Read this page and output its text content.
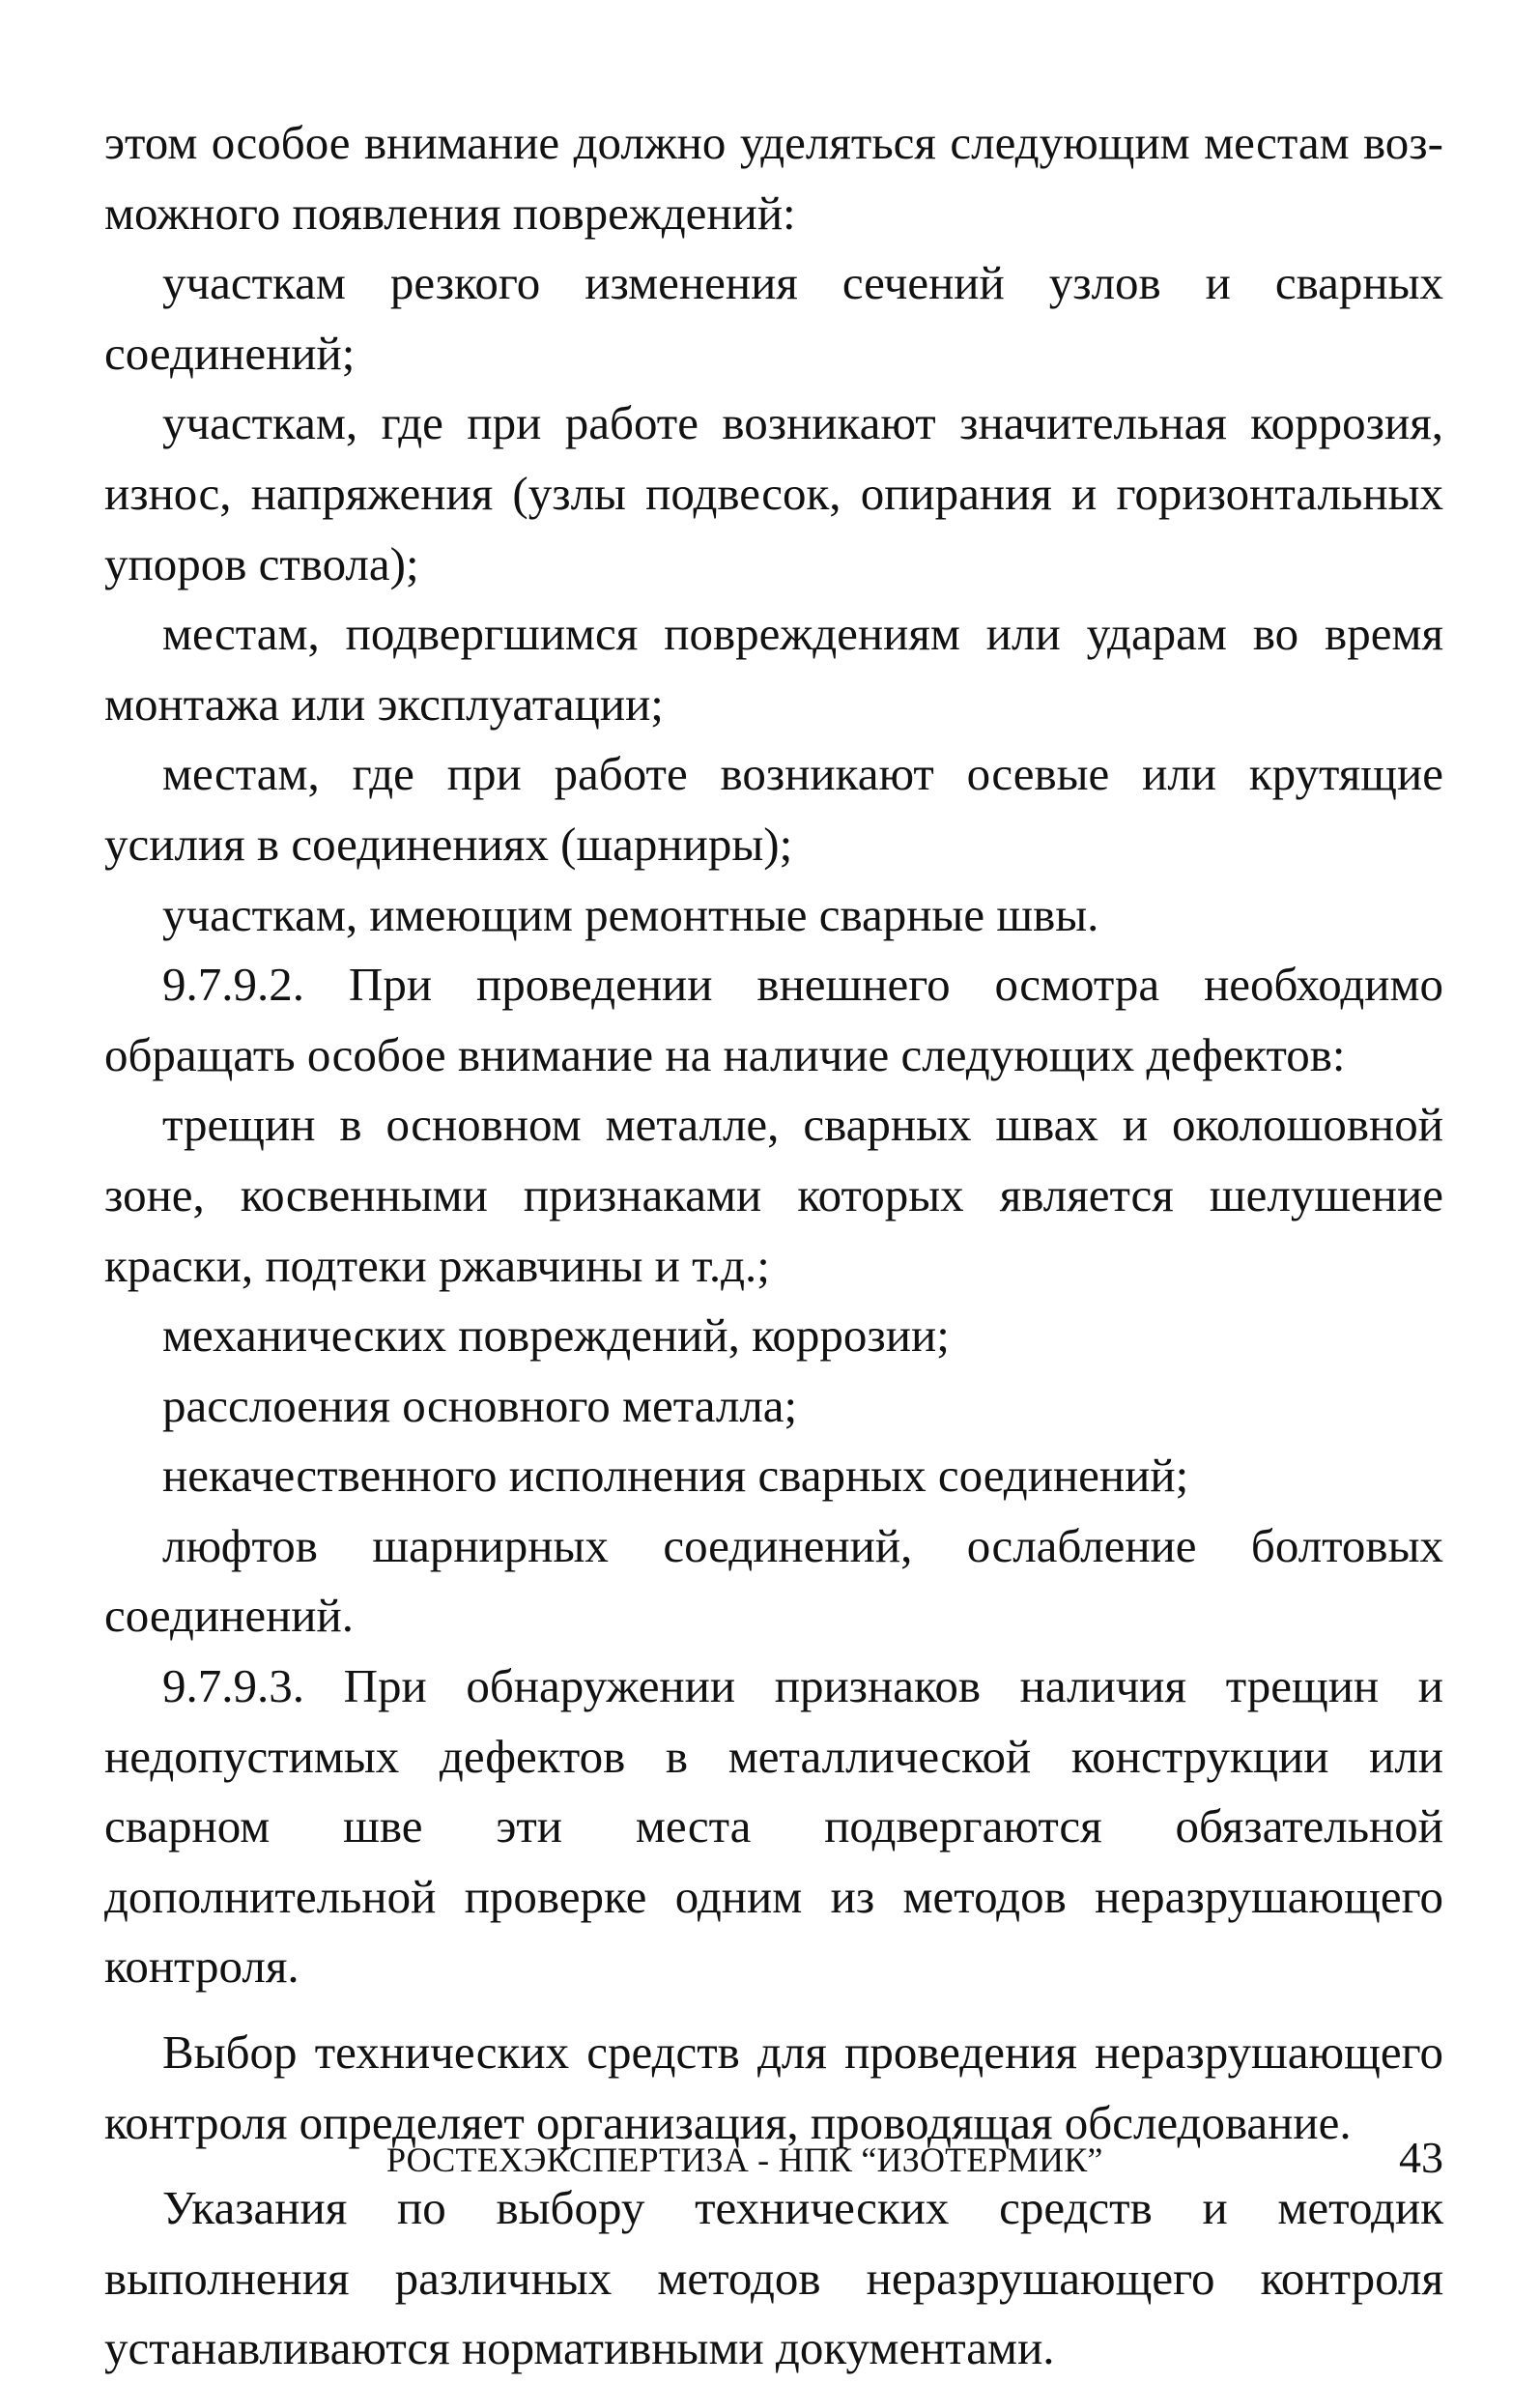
этом особое внимание должно уделяться следующим местам возможного появления повреждений:

участкам резкого изменения сечений узлов и сварных соединений;

участкам, где при работе возникают значительная коррозия, износ, напряжения (узлы подвесок, опирания и горизонтальных упоров ствола);

местам, подвергшимся повреждениям или ударам во время монтажа или эксплуатации;

местам, где при работе возникают осевые или крутящие усилия в соединениях (шарниры);

участкам, имеющим ремонтные сварные швы.

9.7.9.2. При проведении внешнего осмотра необходимо обращать особое внимание на наличие следующих дефектов:

трещин в основном металле, сварных швах и околошовной зоне, косвенными признаками которых является шелушение краски, подтеки ржавчины и т.д.;

механических повреждений, коррозии;

расслоения основного металла;

некачественного исполнения сварных соединений;

люфтов шарнирных соединений, ослабление болтовых соединений.

9.7.9.3. При обнаружении признаков наличия трещин и недопустимых дефектов в металлической конструкции или сварном шве эти места подвергаются обязательной дополнительной проверке одним из методов неразрушающего контроля.

Выбор технических средств для проведения неразрушающего контроля определяет организация, проводящая обследование.

Указания по выбору технических средств и методик выполнения различных методов неразрушающего контроля устанавливаются нормативными документами.

РОСТЕХЭКСПЕРТИЗА - НПК “ИЗОТЕРМИК”	43
